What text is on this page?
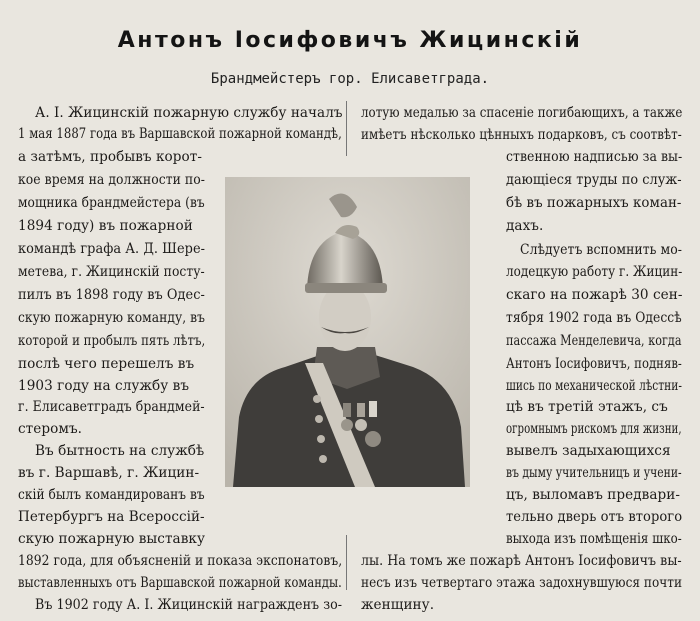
Антонъ Іосифовичъ Жицинскій
Брандмейстеръ гор. Елисаветграда.
А. І. Жицинскій пожарную службу началъ
1 мая 1887 года въ Варшавской пожарной командѣ,
а затѣмъ, пробывъ корот-
кое время на должности по-
мощника брандмейстера (въ
1894 году) въ пожарной
командѣ графа А. Д. Шере-
метева, г. Жицинскій посту-
пилъ въ 1898 году въ Одес-
скую пожарную команду, въ
которой и пробылъ пять лѣтъ,
послѣ чего перешелъ въ
1903 году на службу въ
г. Елисаветградъ брандмей-
стеромъ.
Въ бытность на службѣ
въ г. Варшавѣ, г. Жицин-
скій былъ командированъ въ
Петербургъ на Всероссій-
скую пожарную выставку
1892 года, для объясненій и показа экспонатовъ,
выставленныхъ отъ Варшавской пожарной команды.
Въ 1902 году А. І. Жицинскій награжденъ зо-
лотую медалью за спасеніе погибающихъ, а также
имѣетъ нѣсколько цѣнныхъ подарковъ, съ соотвѣт-
ственною надписью за вы-
дающіеся труды по служ-
бѣ въ пожарныхъ коман-
дахъ.
Слѣдуетъ вспомнить мо-
лодецкую работу г. Жицин-
скаго на пожарѣ 30 сен-
тября 1902 года въ Одессѣ
пассажа Менделевича, когда
Антонъ Іосифовичъ, подняв-
шись по механической лѣстни-
цѣ въ третій этажъ, съ
огромнымъ рискомъ для жизни,
вывелъ задыхающихся
въ дыму учительницъ и учени-
цъ, выломавъ предвари-
тельно дверь отъ второго
выхода изъ помѣщенія шко-
лы. На томъ же пожарѣ Антонъ Іосифовичъ вы-
несъ изъ четвертаго этажа задохнувшуюся почти
женщину.
